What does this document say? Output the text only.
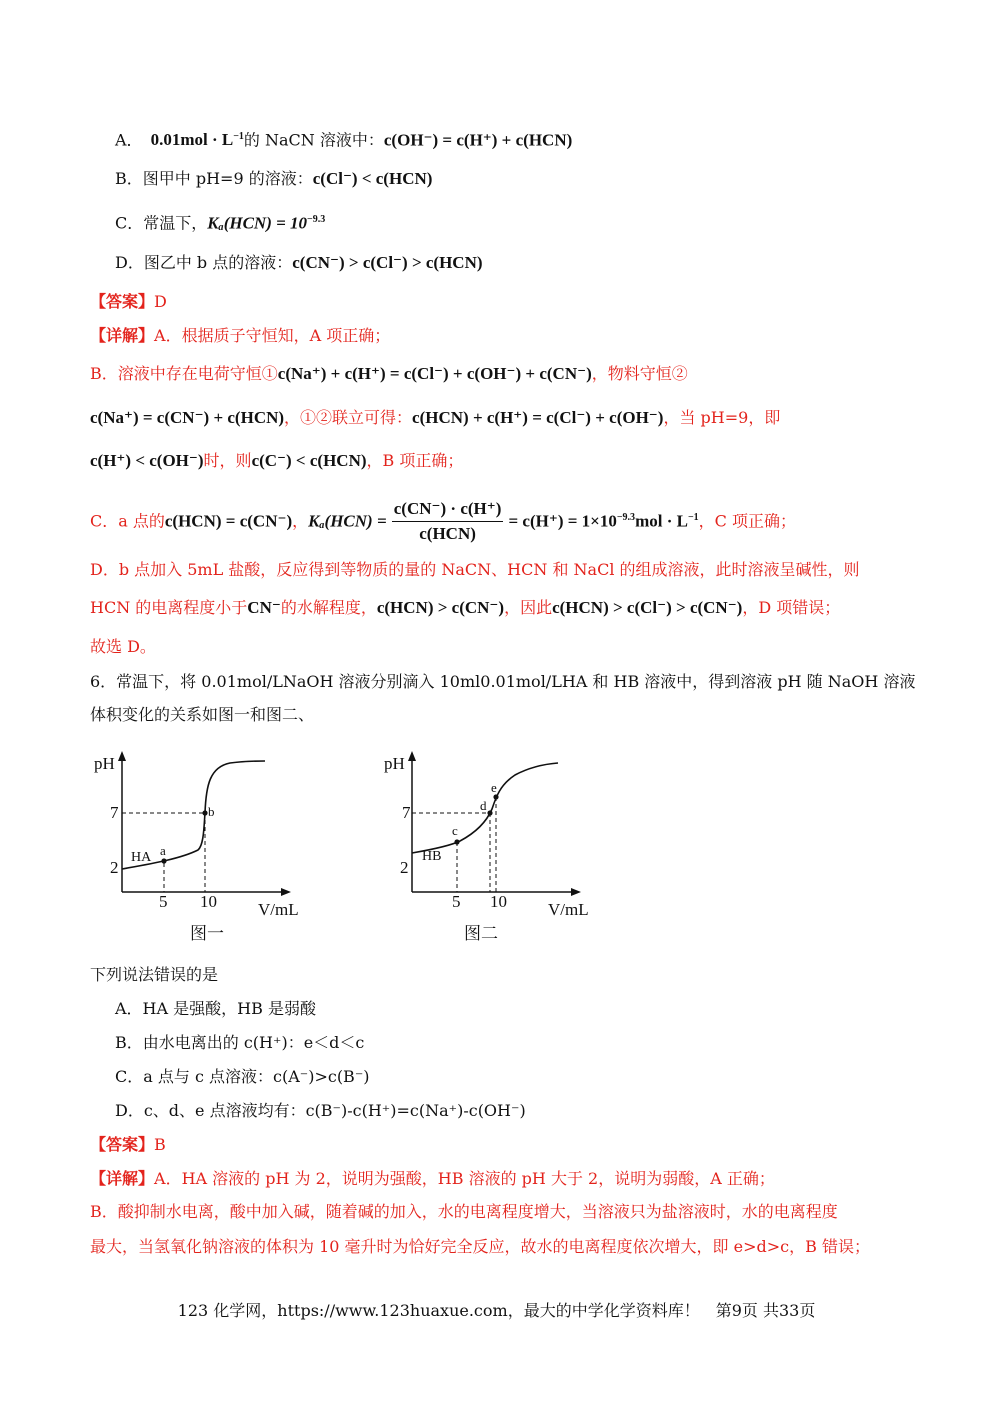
A． $0.01mol \cdot L^{-1}$的 NaCN 溶液中：c(OH⁻) = c(H⁺) + c(HCN)
B．图甲中 pH=9 的溶液：c(Cl⁻) < c(HCN)
C．常温下，$K_a(HCN) = 10^{-9.3}$
D．图乙中 b 点的溶液：c(CN⁻) > c(Cl⁻) > c(HCN)
【答案】D
【详解】A．根据质子守恒知，A 项正确；
B．溶液中存在电荷守恒①c(Na⁺) + c(H⁺) = c(Cl⁻) + c(OH⁻) + c(CN⁻)，物料守恒②
c(Na⁺) = c(CN⁻) + c(HCN)，①②联立可得：c(HCN) + c(H⁺) = c(Cl⁻) + c(OH⁻)，当 pH=9，即
c(H⁺) < c(OH⁻)时，则c(C⁻) < c(HCN)，B 项正确；
C．a 点的c(HCN) = c(CN⁻)，$K_a(HCN) = \frac{c(CN^-) \cdot c(H^+)}{\text{c(HCN)}} = c(H^+) = 1\times 10^{-9.3}mol \cdot L^{-1}$，C 项正确；
D．b 点加入 5mL 盐酸，反应得到等物质的量的 NaCN、HCN 和 NaCl 的组成溶液，此时溶液呈碱性，则
HCN 的电离程度小于CN⁻的水解程度，c(HCN) > c(CN⁻)，因此c(HCN) > c(Cl⁻) > c(CN⁻)，D 项错误；
故选 D。
6．常温下，将 0.01mol/LNaOH 溶液分别滴入 10ml0.01mol/LHA 和 HB 溶液中，得到溶液 pH 随 NaOH 溶液
体积变化的关系如图一和图二、
pH
V/mL
7
2
5 10
HA a
b
图一
pH
V/mL
7
2
5 10
HB
c
d
e
图二
下列说法错误的是
A．HA 是强酸，HB 是弱酸
B．由水电离出的 c(H⁺)：e＜d＜c
C．a 点与 c 点溶液：c(A⁻)>c(B⁻)
D．c、d、e 点溶液均有：c(B⁻)-c(H⁺)=c(Na⁺)-c(OH⁻)
【答案】B
【详解】A．HA 溶液的 pH 为 2，说明为强酸，HB 溶液的 pH 大于 2，说明为弱酸，A 正确；
B．酸抑制水电离，酸中加入碱，随着碱的加入，水的电离程度增大，当溶液只为盐溶液时，水的电离程度
最大，当氢氧化钠溶液的体积为 10 毫升时为恰好完全反应，故水的电离程度依次增大，即 e>d>c，B 错误；
123 化学网，https://www.123huaxue.com，最大的中学化学资料库！　第9页 共33页
